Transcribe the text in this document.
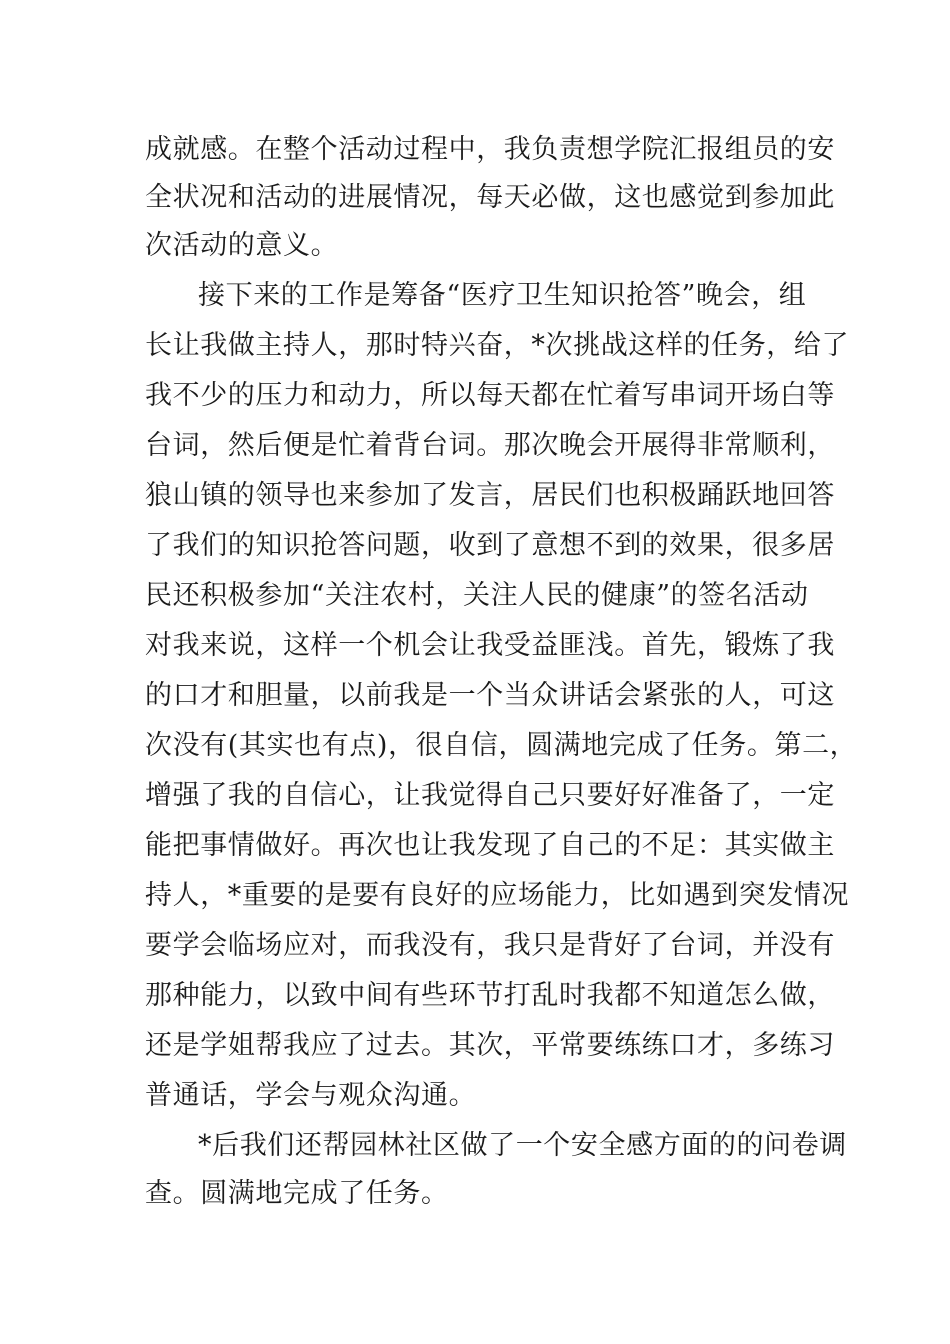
成就感。在整个活动过程中，我负责想学院汇报组员的安
全状况和活动的进展情况，每天必做，这也感觉到参加此
次活动的意义。
接下来的工作是筹备“医疗卫生知识抢答”晚会，组
长让我做主持人，那时特兴奋，*次挑战这样的任务，给了
我不少的压力和动力，所以每天都在忙着写串词开场白等
台词，然后便是忙着背台词。那次晚会开展得非常顺利，
狼山镇的领导也来参加了发言，居民们也积极踊跃地回答
了我们的知识抢答问题，收到了意想不到的效果，很多居
民还积极参加“关注农村，关注人民的健康”的签名活动
对我来说，这样一个机会让我受益匪浅。首先，锻炼了我
的口才和胆量，以前我是一个当众讲话会紧张的人，可这
次没有(其实也有点)，很自信，圆满地完成了任务。第二，
增强了我的自信心，让我觉得自己只要好好准备了，一定
能把事情做好。再次也让我发现了自己的不足：其实做主
持人，*重要的是要有良好的应场能力，比如遇到突发情况
要学会临场应对，而我没有，我只是背好了台词，并没有
那种能力，以致中间有些环节打乱时我都不知道怎么做，
还是学姐帮我应了过去。其次，平常要练练口才，多练习
普通话，学会与观众沟通。
*后我们还帮园林社区做了一个安全感方面的的问卷调
查。圆满地完成了任务。
